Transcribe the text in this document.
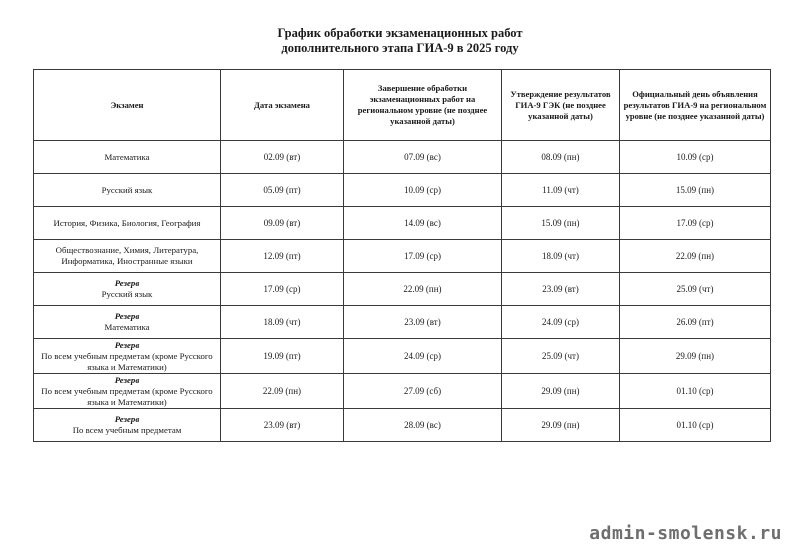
График обработки экзаменационных работ
дополнительного этапа ГИА-9 в 2025 году
Экзамен	Дата экзамена	Завершение обработки экзаменационных работ на региональном уровне (не позднее указанной даты)	Утверждение результатов ГИА-9 ГЭК (не позднее указанной даты)	Официальный день объявления результатов ГИА-9 на региональном уровне (не позднее указанной даты)
Математика	02.09 (вт)	07.09 (вс)	08.09 (пн)	10.09 (ср)
Русский язык	05.09 (пт)	10.09 (ср)	11.09 (чт)	15.09 (пн)
История, Физика, Биология, География	09.09 (вт)	14.09 (вс)	15.09 (пн)	17.09 (ср)
Обществознание, Химия, Литература, Информатика, Иностранные языки	12.09 (пт)	17.09 (ср)	18.09 (чт)	22.09 (пн)

Резерв
Русский язык	17.09 (ср)	22.09 (пн)	23.09 (вт)	25.09 (чт)

Резерв
Математика	18.09 (чт)	23.09 (вт)	24.09 (ср)	26.09 (пт)

Резерв
По всем учебным предметам (кроме Русского языка и Математики)	19.09 (пт)	24.09 (ср)	25.09 (чт)	29.09 (пн)

Резерв
По всем учебным предметам (кроме Русского языка и Математики)	22.09 (пн)	27.09 (сб)	29.09 (пн)	01.10 (ср)

Резерв
По всем учебным предметам	23.09 (вт)	28.09 (вс)	29.09 (пн)	01.10 (ср)
admin-smolensk.ru
